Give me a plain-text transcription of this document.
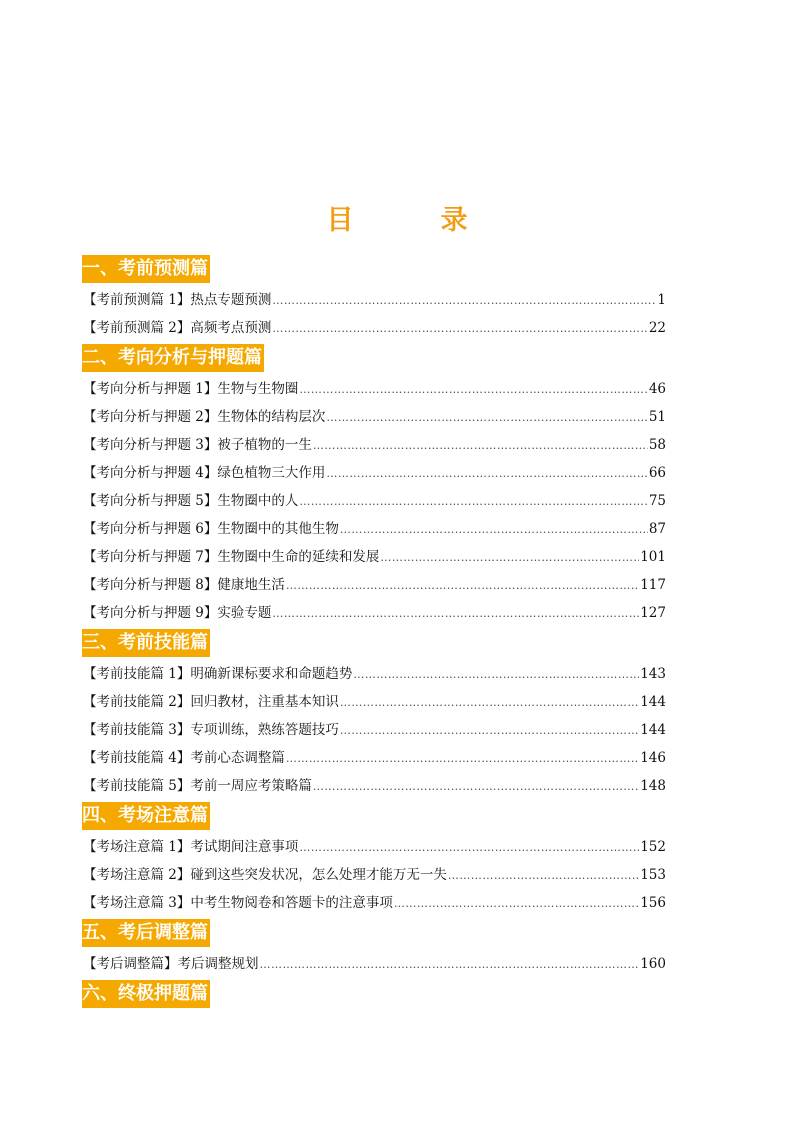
目　录
一、考前预测篇
【考前预测篇 1】热点专题预测 ……………………………………………………………………………………………………………………………………………………………………	1
【考前预测篇 2】高频考点预测 ……………………………………………………………………………………………………………………………………………………………………	22
二、考向分析与押题篇
【考向分析与押题 1】生物与生物圈 ……………………………………………………………………………………………………………………………………………………………………	46
【考向分析与押题 2】生物体的结构层次 ……………………………………………………………………………………………………………………………………………………………………	51
【考向分析与押题 3】被子植物的一生 ……………………………………………………………………………………………………………………………………………………………………	58
【考向分析与押题 4】绿色植物三大作用 ……………………………………………………………………………………………………………………………………………………………………	66
【考向分析与押题 5】生物圈中的人 ……………………………………………………………………………………………………………………………………………………………………	75
【考向分析与押题 6】生物圈中的其他生物 ……………………………………………………………………………………………………………………………………………………………………	87
【考向分析与押题 7】生物圈中生命的延续和发展 ……………………………………………………………………………………………………………………………………………………………………	101
【考向分析与押题 8】健康地生活 ……………………………………………………………………………………………………………………………………………………………………	117
【考向分析与押题 9】实验专题 ……………………………………………………………………………………………………………………………………………………………………	127
三、考前技能篇
【考前技能篇 1】明确新课标要求和命题趋势 ……………………………………………………………………………………………………………………………………………………………………	143
【考前技能篇 2】回归教材，注重基本知识 ……………………………………………………………………………………………………………………………………………………………………	144
【考前技能篇 3】专项训练，熟练答题技巧 ……………………………………………………………………………………………………………………………………………………………………	144
【考前技能篇 4】考前心态调整篇 ……………………………………………………………………………………………………………………………………………………………………	146
【考前技能篇 5】考前一周应考策略篇 ……………………………………………………………………………………………………………………………………………………………………	148
四、考场注意篇
【考场注意篇 1】考试期间注意事项 ……………………………………………………………………………………………………………………………………………………………………	152
【考场注意篇 2】碰到这些突发状况，怎么处理才能万无一失 ……………………………………………………………………………………………………………………………………………………………………	153
【考场注意篇 3】中考生物阅卷和答题卡的注意事项 ……………………………………………………………………………………………………………………………………………………………………	156
五、考后调整篇
【考后调整篇】考后调整规划 ……………………………………………………………………………………………………………………………………………………………………	160
六、终极押题篇
